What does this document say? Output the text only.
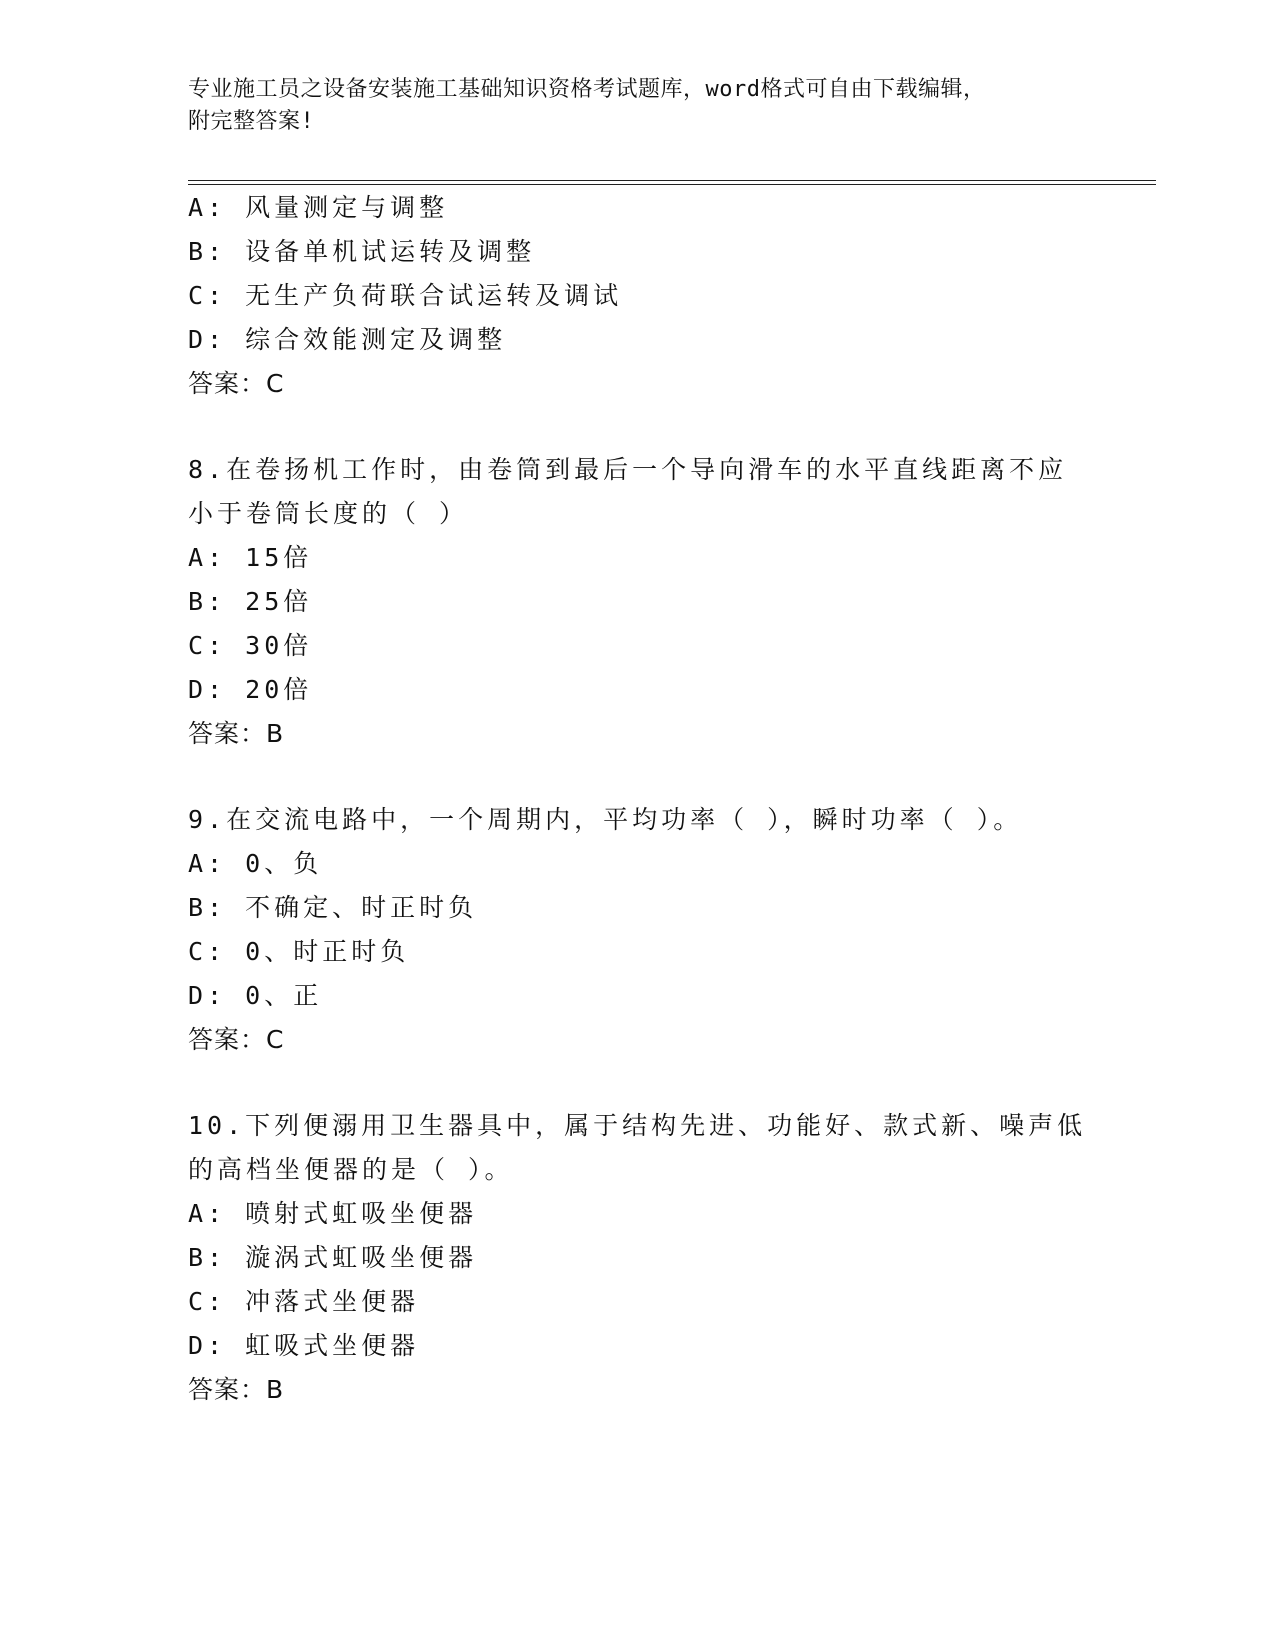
专业施工员之设备安装施工基础知识资格考试题库，word格式可自由下载编辑，
附完整答案!
A: 风量测定与调整
B: 设备单机试运转及调整
C: 无生产负荷联合试运转及调试
D: 综合效能测定及调整
答案：C
8.在卷扬机工作时，由卷筒到最后一个导向滑车的水平直线距离不应
小于卷筒长度的（ ）
A: 15倍
B: 25倍
C: 30倍
D: 20倍
答案：B
9.在交流电路中，一个周期内，平均功率（ ），瞬时功率（ ）。
A: 0、负
B: 不确定、时正时负
C: 0、时正时负
D: 0、正
答案：C
10.下列便溺用卫生器具中，属于结构先进、功能好、款式新、噪声低
的高档坐便器的是（ ）。
A: 喷射式虹吸坐便器
B: 漩涡式虹吸坐便器
C: 冲落式坐便器
D: 虹吸式坐便器
答案：B
